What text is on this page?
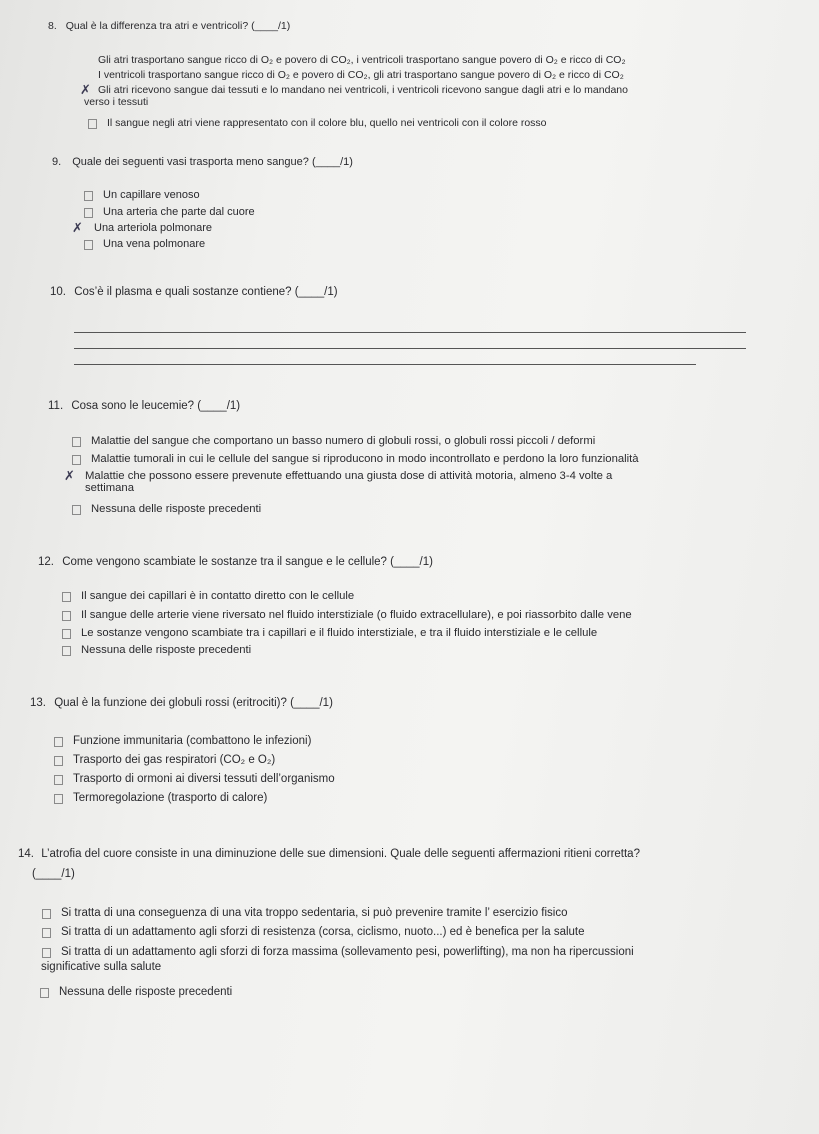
8. Qual è la differenza tra atri e ventricoli? (____/1)
Gli atri trasportano sangue ricco di O₂ e povero di CO₂, i ventricoli trasportano sangue povero di O₂ e ricco di CO₂
I ventricoli trasportano sangue ricco di O₂ e povero di CO₂, gli atri trasportano sangue povero di O₂ e ricco di CO₂
✗ Gli atri ricevono sangue dai tessuti e lo mandano nei ventricoli, i ventricoli ricevono sangue dagli atri e lo mandano
verso i tessuti
Il sangue negli atri viene rappresentato con il colore blu, quello nei ventricoli con il colore rosso
9. Quale dei seguenti vasi trasporta meno sangue? (____/1)
Un capillare venoso
Una arteria che parte dal cuore
✗ Una arteriola polmonare
Una vena polmonare
10. Cos’è il plasma e quali sostanze contiene? (____/1)
11. Cosa sono le leucemie? (____/1)
Malattie del sangue che comportano un basso numero di globuli rossi, o globuli rossi piccoli / deformi
Malattie tumorali in cui le cellule del sangue si riproducono in modo incontrollato e perdono la loro funzionalità
✗ Malattie che possono essere prevenute effettuando una giusta dose di attività motoria, almeno 3-4 volte a
settimana
Nessuna delle risposte precedenti
12. Come vengono scambiate le sostanze tra il sangue e le cellule? (____/1)
Il sangue dei capillari è in contatto diretto con le cellule
Il sangue delle arterie viene riversato nel fluido interstiziale (o fluido extracellulare), e poi riassorbito dalle vene
Le sostanze vengono scambiate tra i capillari e il fluido interstiziale, e tra il fluido interstiziale e le cellule
Nessuna delle risposte precedenti
13. Qual è la funzione dei globuli rossi (eritrociti)? (____/1)
Funzione immunitaria (combattono le infezioni)
Trasporto dei gas respiratori (CO₂ e O₂)
Trasporto di ormoni ai diversi tessuti dell’organismo
Termoregolazione (trasporto di calore)
14. L’atrofia del cuore consiste in una diminuzione delle sue dimensioni. Quale delle seguenti affermazioni ritieni corretta?
(____/1)
Si tratta di una conseguenza di una vita troppo sedentaria, si può prevenire tramite l’ esercizio fisico
Si tratta di un adattamento agli sforzi di resistenza (corsa, ciclismo, nuoto...) ed è benefica per la salute
Si tratta di un adattamento agli sforzi di forza massima (sollevamento pesi, powerlifting), ma non ha ripercussioni
significative sulla salute
Nessuna delle risposte precedenti
